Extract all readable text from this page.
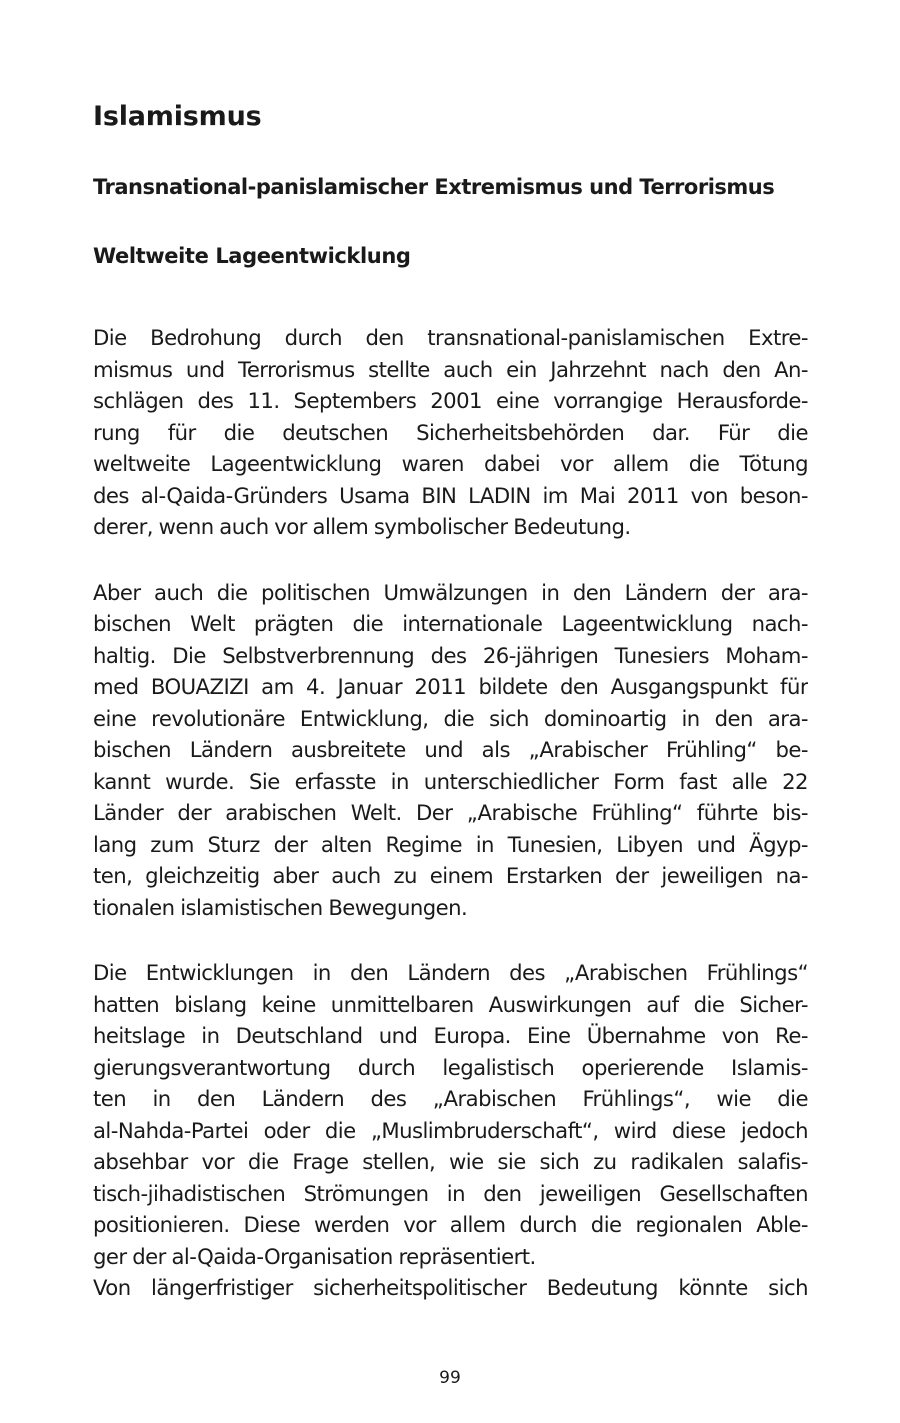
Islamismus
Transnational-panislamischer Extremismus und Terrorismus
Weltweite Lageentwicklung
Die Bedrohung durch den transnational-panislamischen Extre-
mismus und Terrorismus stellte auch ein Jahrzehnt nach den An-
schlägen des 11. Septembers 2001 eine vorrangige Herausforde-
rung für die deutschen Sicherheitsbehörden dar. Für die
weltweite Lageentwicklung waren dabei vor allem die Tötung
des al-Qaida-Gründers Usama BIN LADIN im Mai 2011 von beson-
derer, wenn auch vor allem symbolischer Bedeutung.
Aber auch die politischen Umwälzungen in den Ländern der ara-
bischen Welt prägten die internationale Lageentwicklung nach-
haltig. Die Selbstverbrennung des 26-jährigen Tunesiers Moham-
med BOUAZIZI am 4. Januar 2011 bildete den Ausgangspunkt für
eine revolutionäre Entwicklung, die sich dominoartig in den ara-
bischen Ländern ausbreitete und als „Arabischer Frühling“ be-
kannt wurde. Sie erfasste in unterschiedlicher Form fast alle 22
Länder der arabischen Welt. Der „Arabische Frühling“ führte bis-
lang zum Sturz der alten Regime in Tunesien, Libyen und Ägyp-
ten, gleichzeitig aber auch zu einem Erstarken der jeweiligen na-
tionalen islamistischen Bewegungen.
Die Entwicklungen in den Ländern des „Arabischen Frühlings“
hatten bislang keine unmittelbaren Auswirkungen auf die Sicher-
heitslage in Deutschland und Europa. Eine Übernahme von Re-
gierungsverantwortung durch legalistisch operierende Islamis-
ten in den Ländern des „Arabischen Frühlings“, wie die
al-Nahda-Partei oder die „Muslimbruderschaft“, wird diese jedoch
absehbar vor die Frage stellen, wie sie sich zu radikalen salafis-
tisch-jihadistischen Strömungen in den jeweiligen Gesellschaften
positionieren. Diese werden vor allem durch die regionalen Able-
ger der al-Qaida-Organisation repräsentiert.
Von längerfristiger sicherheitspolitischer Bedeutung könnte sich
99
